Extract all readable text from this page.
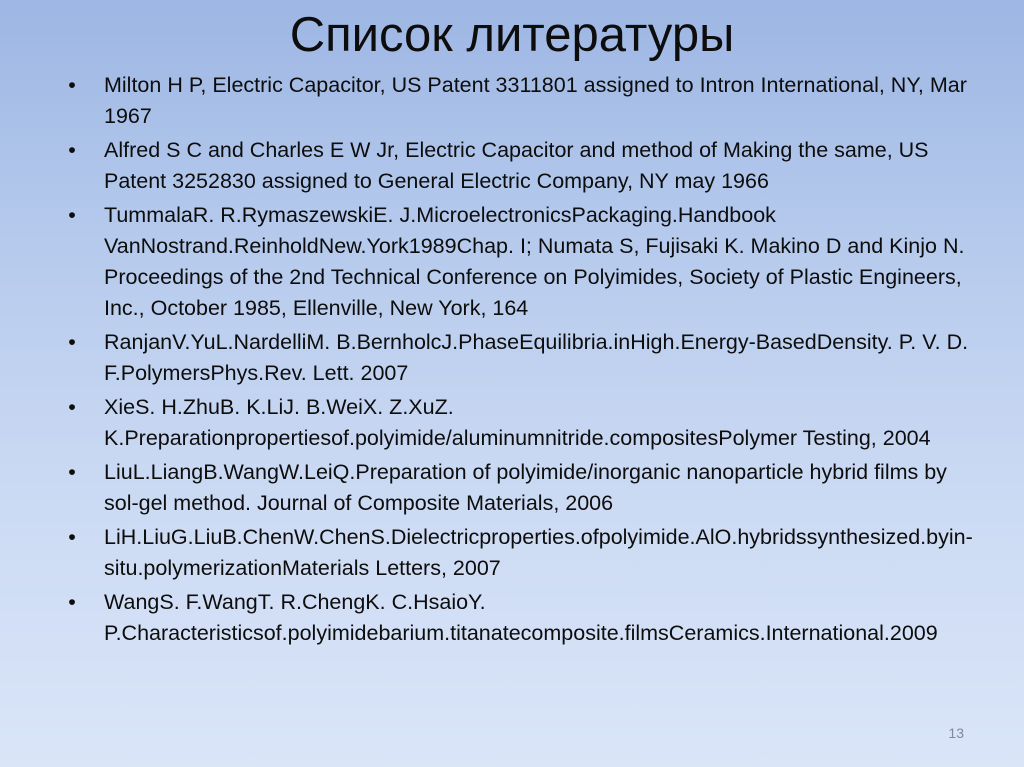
Список литературы
• Milton H P, Electric Capacitor, US Patent 3311801 assigned to Intron International, NY, Mar 1967
• Alfred S C and Charles E W Jr, Electric Capacitor and method of Making the same, US Patent 3252830 assigned to General Electric Company, NY may 1966
• TummalaR. R.RymaszewskiE. J.MicroelectronicsPackaging.Handbook VanNostrand.ReinholdNew.York1989Chap. I; Numata S, Fujisaki K. Makino D and Kinjo N. Proceedings of the 2nd Technical Conference on Polyimides, Society of Plastic Engineers, Inc., October 1985, Ellenville, New York, 164
• RanjanV.YuL.NardelliM. B.BernholcJ.PhaseEquilibria.inHigh.Energy-BasedDensity. P. V. D. F.PolymersPhys.Rev. Lett. 2007
• XieS. H.ZhuB. K.LiJ. B.WeiX. Z.XuZ. K.Preparationpropertiesof.polyimide/aluminumnitride.compositesPolymer Testing, 2004
• LiuL.LiangB.WangW.LeiQ.Preparation of polyimide/inorganic nanoparticle hybrid films by sol-gel method. Journal of Composite Materials, 2006
• LiH.LiuG.LiuB.ChenW.ChenS.Dielectricproperties.ofpolyimide.AlO.hybridssynthesized.byin-situ.polymerizationMaterials Letters, 2007
• WangS. F.WangT. R.ChengK. C.HsaioY. P.Characteristicsof.polyimidebarium.titanatecomposite.filmsCeramics.International.2009
13
